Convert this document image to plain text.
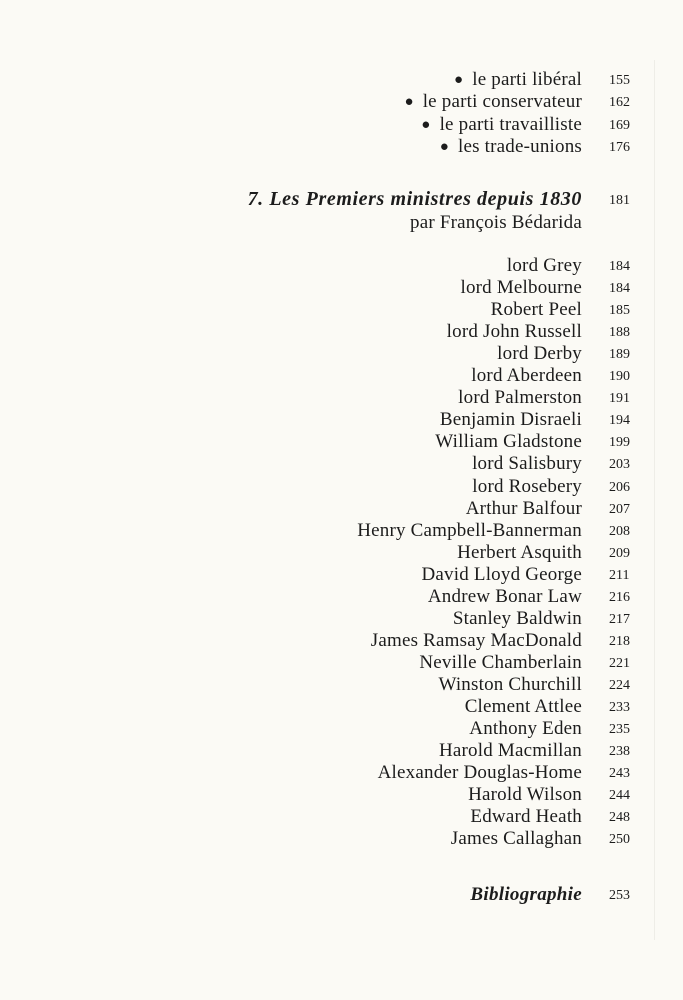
● le parti libéral 155
● le parti conservateur 162
● le parti travailliste 169
● les trade-unions 176
7. Les Premiers ministres depuis 1830 181
par François Bédarida
lord Grey 184
lord Melbourne 184
Robert Peel 185
lord John Russell 188
lord Derby 189
lord Aberdeen 190
lord Palmerston 191
Benjamin Disraeli 194
William Gladstone 199
lord Salisbury 203
lord Rosebery 206
Arthur Balfour 207
Henry Campbell-Bannerman 208
Herbert Asquith 209
David Lloyd George 211
Andrew Bonar Law 216
Stanley Baldwin 217
James Ramsay MacDonald 218
Neville Chamberlain 221
Winston Churchill 224
Clement Attlee 233
Anthony Eden 235
Harold Macmillan 238
Alexander Douglas-Home 243
Harold Wilson 244
Edward Heath 248
James Callaghan 250
Bibliographie 253
